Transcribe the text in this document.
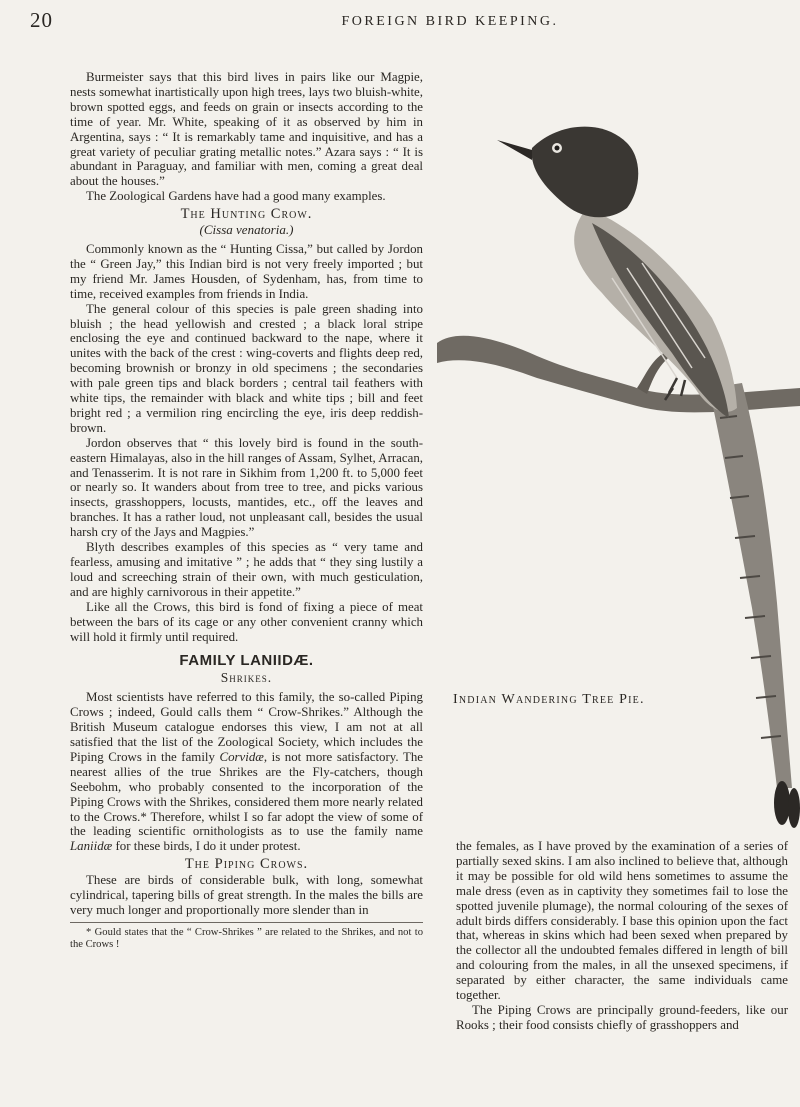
20	FOREIGN BIRD KEEPING.

Burmeister says that this bird lives in pairs like our Magpie, nests somewhat inartistically upon high trees, lays two bluish-white, brown spotted eggs, and feeds on grain or insects according to the time of year. Mr. White, speaking of it as observed by him in Argentina, says : “ It is remarkably tame and inquisitive, and has a great variety of peculiar grating metallic notes.” Azara says : “ It is abundant in Paraguay, and familiar with men, coming a great deal about the houses.”

The Zoological Gardens have had a good many examples.

The Hunting Crow.
(Cissa venatoria.)

Commonly known as the “ Hunting Cissa,” but called by Jordon the “ Green Jay,” this Indian bird is not very freely imported ; but my friend Mr. James Housden, of Sydenham, has, from time to time, received examples from friends in India.

The general colour of this species is pale green shading into bluish ; the head yellowish and crested ; a black loral stripe enclosing the eye and continued backward to the nape, where it unites with the back of the crest : wing-coverts and flights deep red, becoming brownish or bronzy in old specimens ; the secondaries with pale green tips and black borders ; central tail feathers with white tips, the remainder with black and white tips ; bill and feet bright red ; a vermilion ring encircling the eye, iris deep reddish-brown.

Jordon observes that “ this lovely bird is found in the south-eastern Himalayas, also in the hill ranges of Assam, Sylhet, Arracan, and Tenasserim. It is not rare in Sikhim from 1,200 ft. to 5,000 feet or nearly so. It wanders about from tree to tree, and picks various insects, grasshoppers, locusts, mantides, etc., off the leaves and branches. It has a rather loud, not unpleasant call, besides the usual harsh cry of the Jays and Magpies.”

Blyth describes examples of this species as “ very tame and fearless, amusing and imitative ” ; he adds that “ they sing lustily a loud and screeching strain of their own, with much gesticulation, and are highly carnivorous in their appetite.”

Like all the Crows, this bird is fond of fixing a piece of meat between the bars of its cage or any other convenient cranny which will hold it firmly until required.

FAMILY LANIIDÆ.
Shrikes.

Most scientists have referred to this family, the so-called Piping Crows ; indeed, Gould calls them “ Crow-Shrikes.” Although the British Museum catalogue endorses this view, I am not at all satisfied that the list of the Zoological Society, which includes the Piping Crows in the family Corvidæ, is not more satisfactory. The nearest allies of the true Shrikes are the Fly-catchers, though Seebohm, who probably consented to the incorporation of the Piping Crows with the Shrikes, considered them more nearly related to the Crows.* Therefore, whilst I so far adopt the view of some of the leading scientific ornithologists as to use the family name Laniidæ for these birds, I do it under protest.

The Piping Crows.

These are birds of considerable bulk, with long, somewhat cylindrical, tapering bills of great strength. In the males the bills are very much longer and proportionally more slender than in

* Gould states that the “ Crow-Shrikes ” are related to the Shrikes, and not to the Crows !

Indian Wandering Tree Pie.

the females, as I have proved by the examination of a series of partially sexed skins. I am also inclined to believe that, although it may be possible for old wild hens sometimes to assume the male dress (even as in captivity they sometimes fail to lose the spotted juvenile plumage), the normal colouring of the sexes of adult birds differs considerably. I base this opinion upon the fact that, whereas in skins which had been sexed when prepared by the collector all the undoubted females differed in length of bill and colouring from the males, in all the unsexed specimens, if separated by either character, the same individuals came together.

The Piping Crows are principally ground-feeders, like our Rooks ; their food consists chiefly of grasshoppers and
